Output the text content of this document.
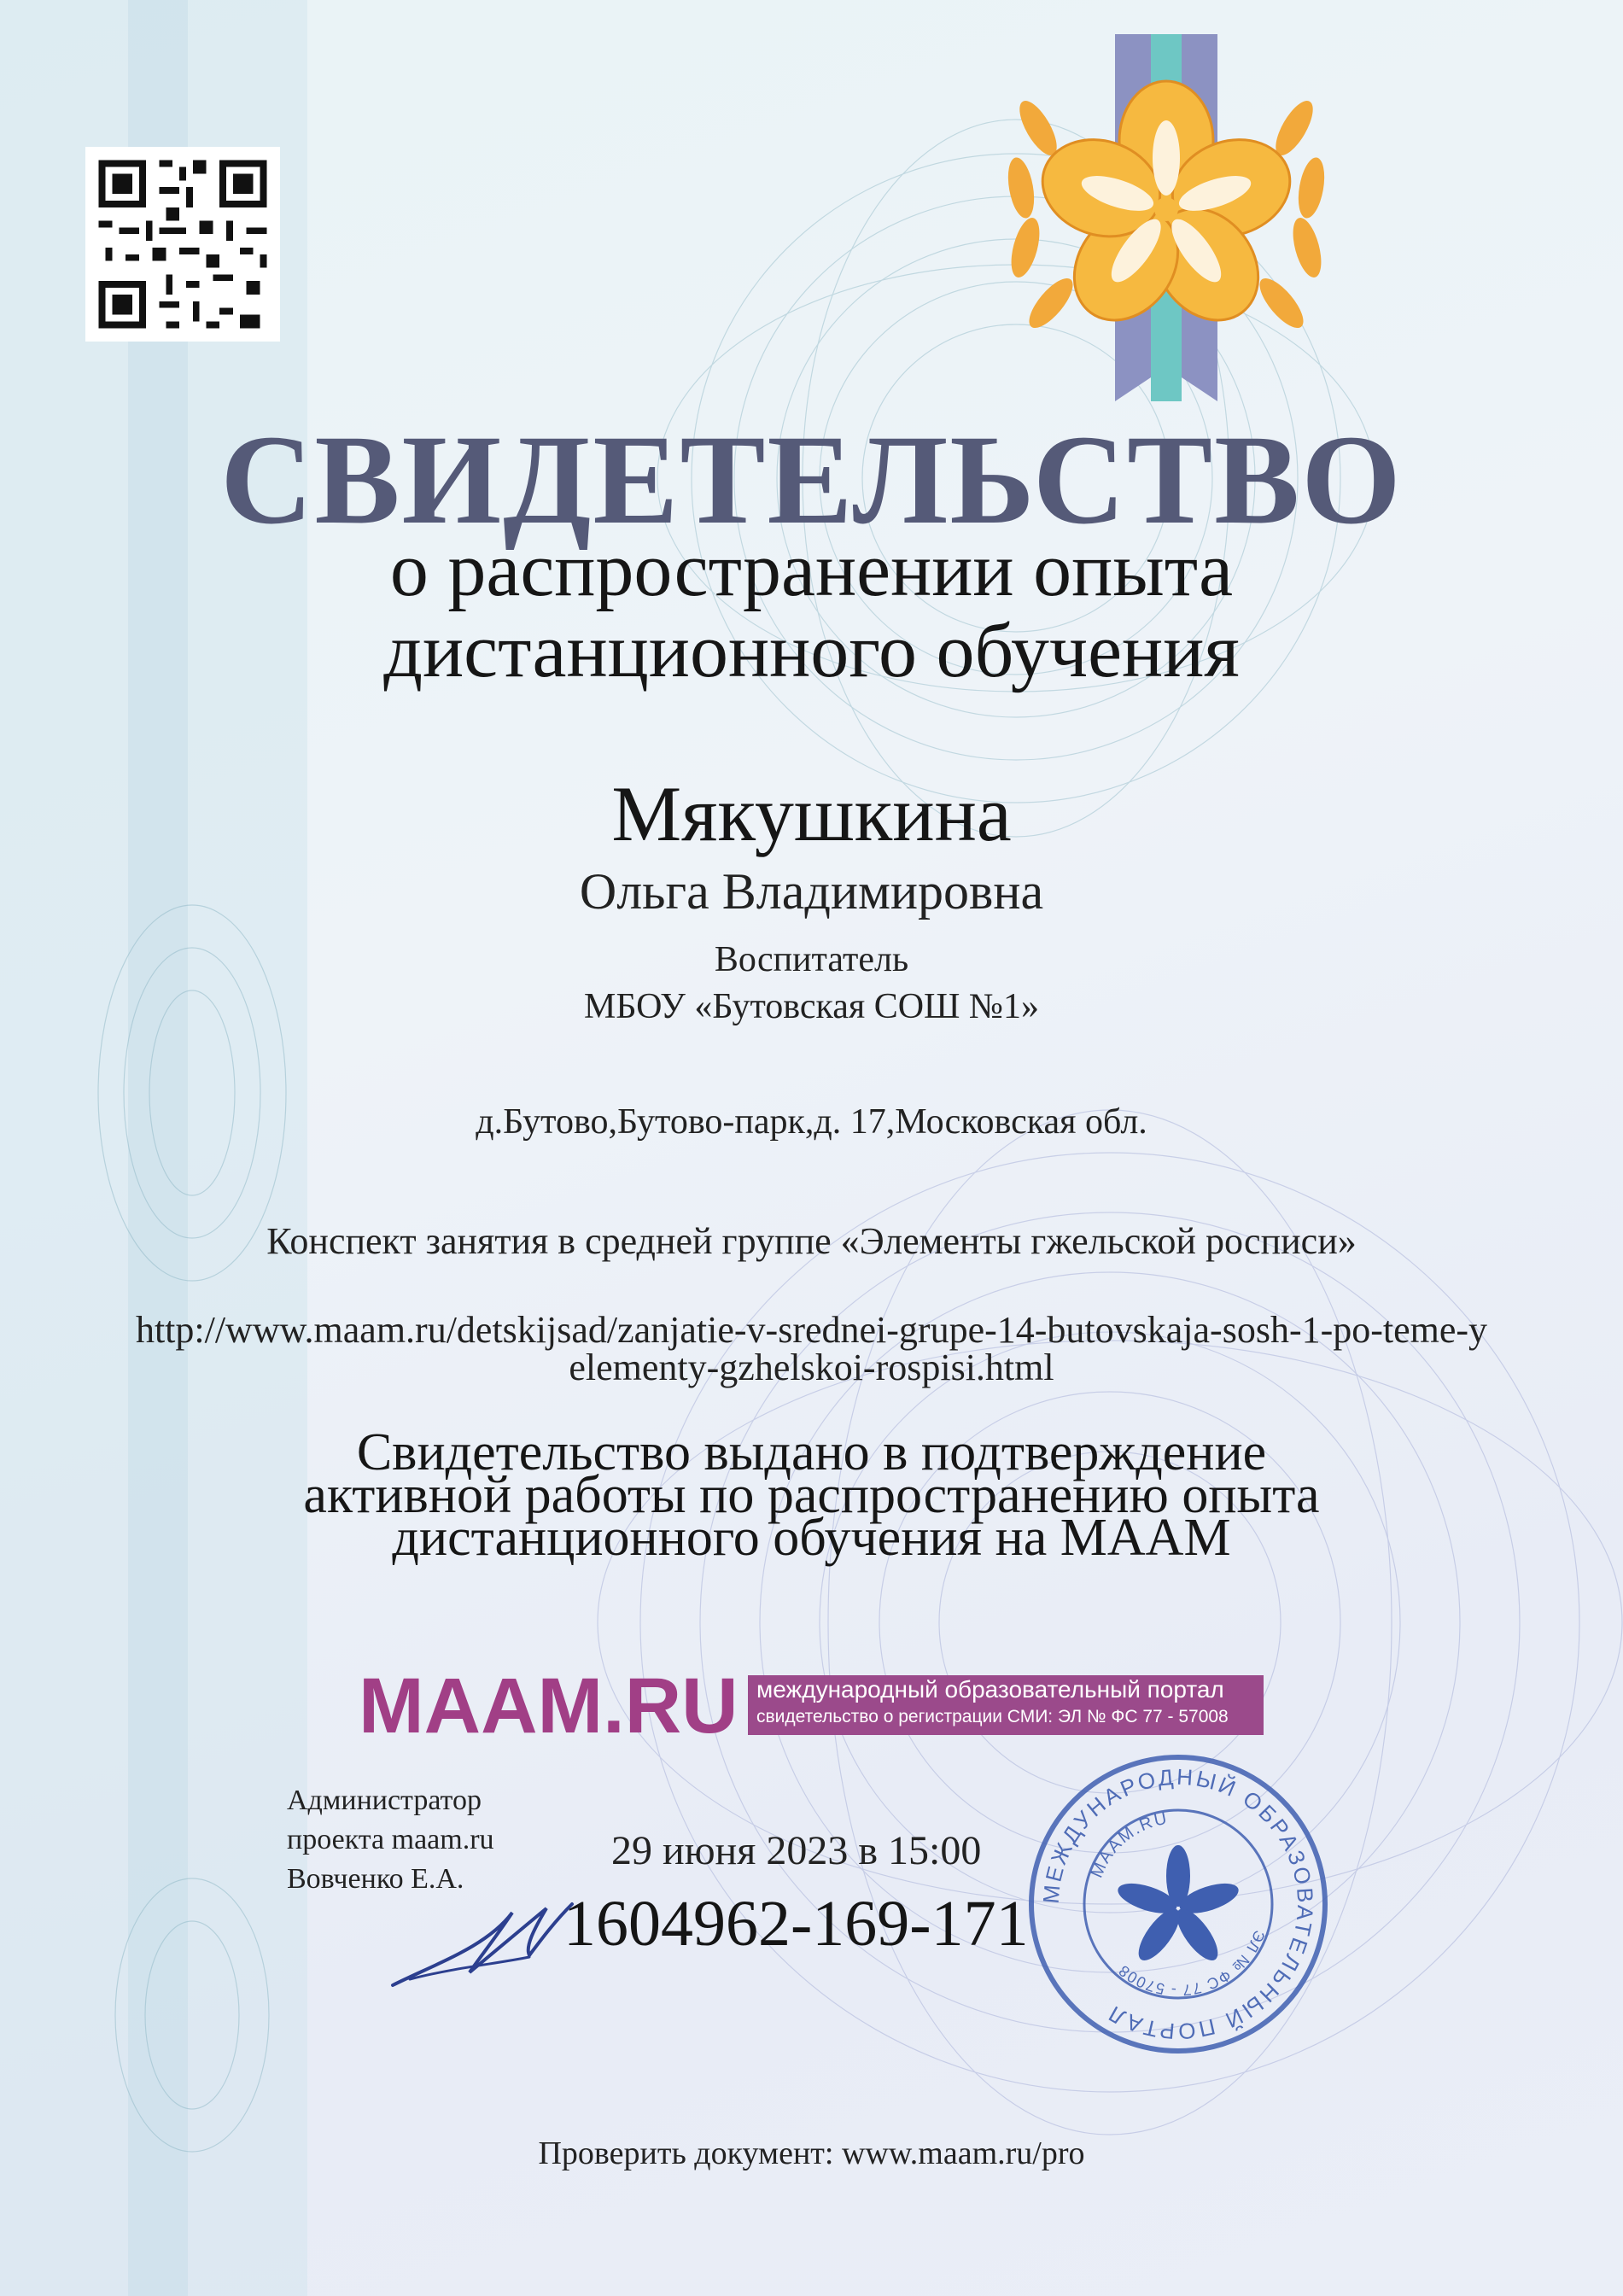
СВИДЕТЕЛЬСТВО
о распространении опыта
дистанционного обучения
Мякушкина
Ольга Владимировна
Воспитатель
МБОУ «Бутовская СОШ №1»
д.Бутово,Бутово-парк,д. 17,Московская обл.
Конспект занятия в средней группе «Элементы гжельской росписи»
http://www.maam.ru/detskijsad/zanjatie-v-srednei-grupe-14-butovskaja-sosh-1-po-teme-yelementy-gzhelskoi-rospisi.html
Свидетельство выдано в подтверждение
активной работы по распространению опыта
дистанционного обучения на МААМ
MAAM.RU международный образовательный портал
свидетельство о регистрации СМИ: ЭЛ № ФС 77 - 57008
Администратор
проекта maam.ru
Вовченко Е.А.
29 июня 2023 в 15:00
1604962-169-171 МЕЖДУНАРОДНЫЙ ОБРАЗОВАТЕЛЬНЫЙ ПОРТАЛ
MAAM.RU
ЭЛ № ФС 77 - 57008
Проверить документ: www.maam.ru/pro
